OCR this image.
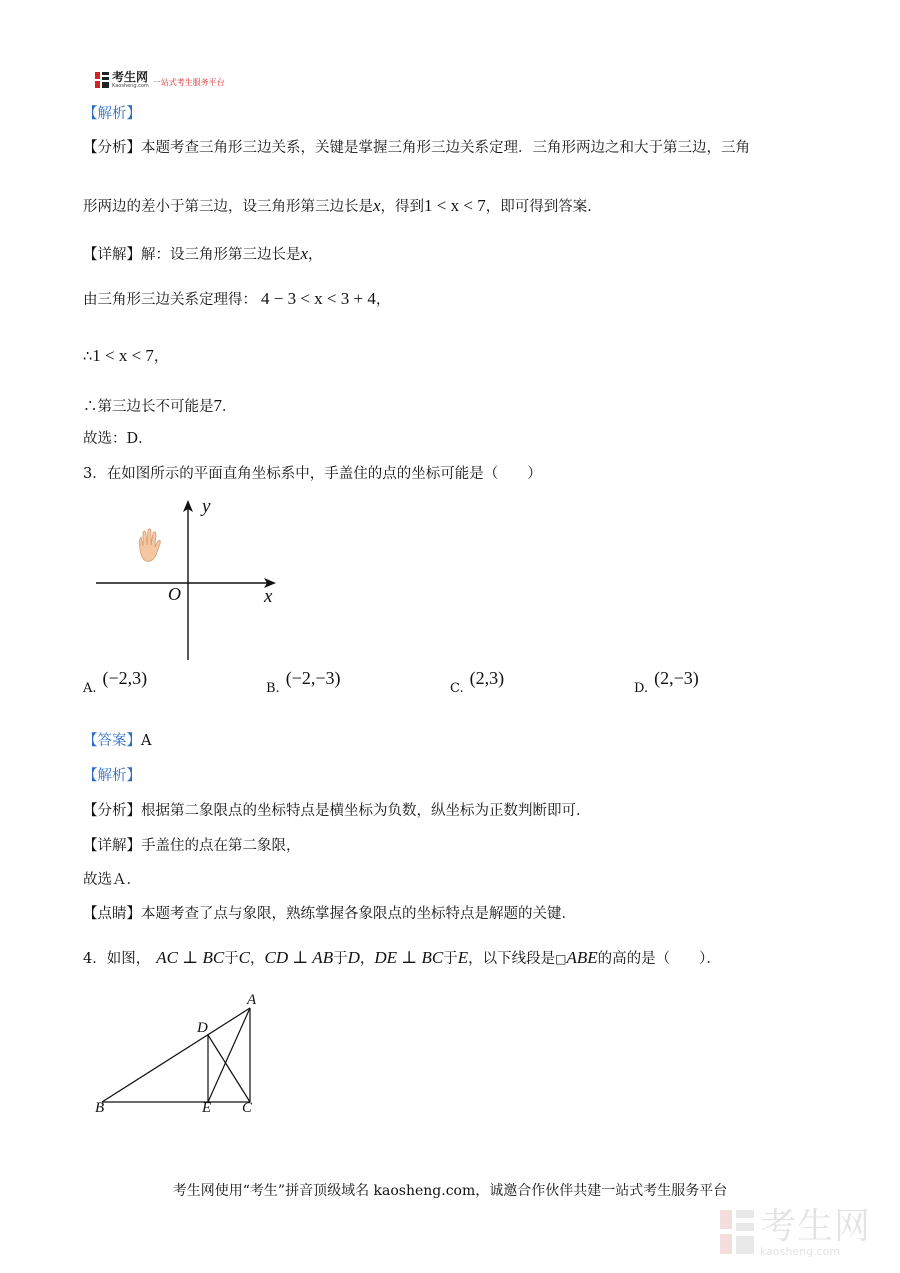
考生网
Kaosheng.com 一站式考生服务平台
【解析】
【分析】本题考查三角形三边关系，关键是掌握三角形三边关系定理．三角形两边之和大于第三边，三角
形两边的差小于第三边，设三角形第三边长是x，得到1 < x < 7，即可得到答案．
【详解】解：设三角形第三边长是x，
由三角形三边关系定理得： 4 − 3 < x < 3 + 4，
∴1 < x < 7，
∴第三边长不可能是7．
故选：D．
3．在如图所示的平面直角坐标系中，手盖住的点的坐标可能是（　　）
y
x
O
A.(−2,3)
B.(−2,−3)
C.(2,3)
D.(2,−3)
【答案】A
【解析】
【分析】根据第二象限点的坐标特点是横坐标为负数，纵坐标为正数判断即可．
【详解】手盖住的点在第二象限，
故选Ａ．
【点睛】本题考查了点与象限，熟练掌握各象限点的坐标特点是解题的关键．
4．如图， AC ⊥ BC于C，CD ⊥ AB于D，DE ⊥ BC于E，以下线段是□ABE的高的是（　　）．
A
D
B	E C
考生网使用“考生”拼音顶级域名 kaosheng.com，诚邀合作伙伴共建一站式考生服务平台
考生网
kaosheng.com
